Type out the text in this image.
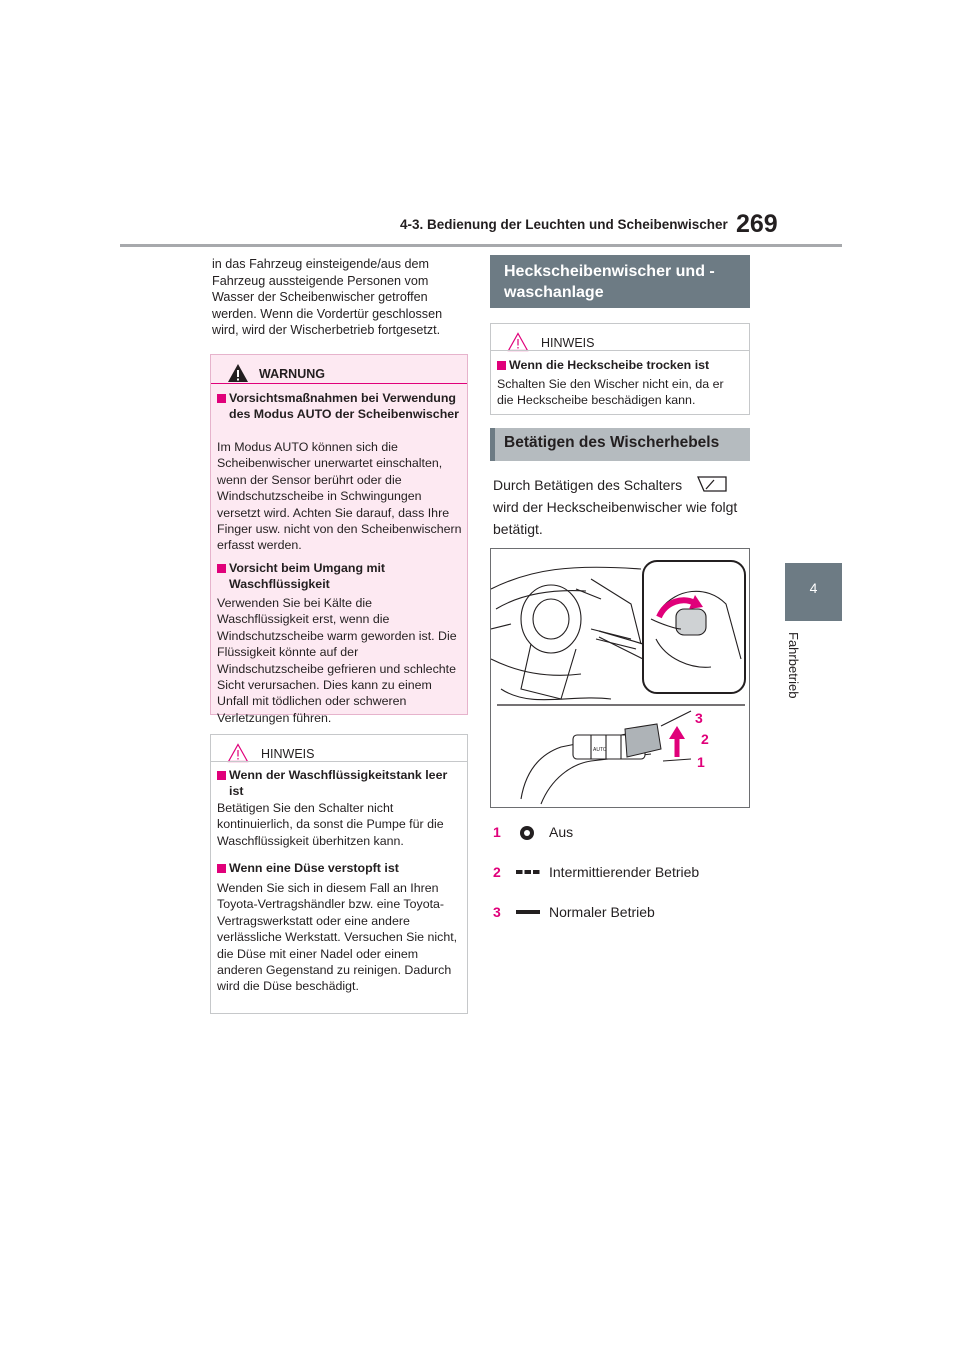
4-3. Bedienung der Leuchten und Scheibenwischer 269
4
Fahrbetrieb
in das Fahrzeug einsteigende/aus dem Fahrzeug aussteigende Personen vom Wasser der Scheibenwischer getroffen werden. Wenn die Vordertür geschlossen wird, wird der Wischerbetrieb fortgesetzt.
WARNUNG
Vorsichtsmaßnahmen bei Verwendung des Modus AUTO der Scheibenwischer
Im Modus AUTO können sich die Scheibenwischer unerwartet einschalten, wenn der Sensor berührt oder die Windschutzscheibe in Schwingungen versetzt wird. Achten Sie darauf, dass Ihre Finger usw. nicht von den Scheibenwischern erfasst werden.
Vorsicht beim Umgang mit Waschflüssigkeit
Verwenden Sie bei Kälte die Waschflüssigkeit erst, wenn die Windschutzscheibe warm geworden ist. Die Flüssigkeit könnte auf der Windschutzscheibe gefrieren und schlechte Sicht verursachen. Dies kann zu einem Unfall mit tödlichen oder schweren Verletzungen führen.
HINWEIS
Wenn der Waschflüssigkeitstank leer ist
Betätigen Sie den Schalter nicht kontinuierlich, da sonst die Pumpe für die Waschflüssigkeit überhitzen kann.
Wenn eine Düse verstopft ist
Wenden Sie sich in diesem Fall an Ihren Toyota-Vertragshändler bzw. eine Toyota-Vertragswerkstatt oder eine andere verlässliche Werkstatt. Versuchen Sie nicht, die Düse mit einer Nadel oder einem anderen Gegenstand zu reinigen. Dadurch wird die Düse beschädigt.
Heckscheibenwischer und -waschanlage
HINWEIS
Wenn die Heckscheibe trocken ist
Schalten Sie den Wischer nicht ein, da er die Heckscheibe beschädigen kann.
Betätigen des Wischerhebels
Durch Betätigen des Schalters
wird der Heckscheibenwischer wie folgt betätigt.
AUTO
3
2
1
1	Aus
2	Intermittierender Betrieb
3	Normaler Betrieb
